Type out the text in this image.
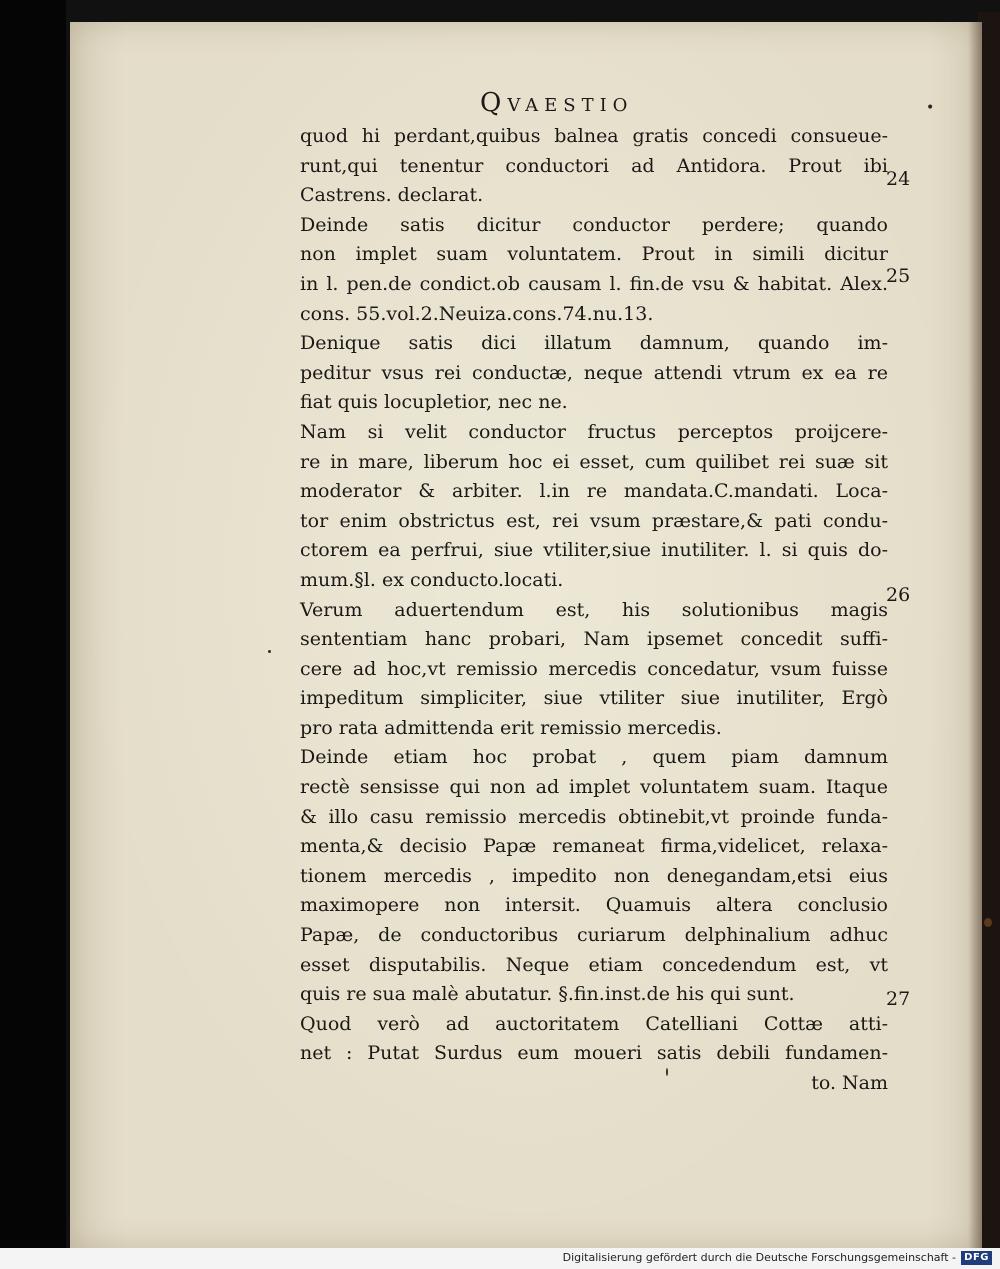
Qvaestio	•
quod hi perdant,quibus balnea gratis concedi consueue-
runt,qui tenentur conductori ad Antidora. Prout ibi
Castrens. declarat.
Deinde satis dicitur conductor perdere; quando
non implet suam voluntatem. Prout in simili dicitur
in l. pen.de condict.ob causam l. fin.de vsu & habitat. Alex.
cons. 55.vol.2.Neuiza.cons.74.nu.13.
Denique satis dici illatum damnum, quando im-
peditur vsus rei conductæ, neque attendi vtrum ex ea re
fiat quis locupletior, nec ne.
Nam si velit conductor fructus perceptos proijcere-
re in mare, liberum hoc ei esset, cum quilibet rei suæ sit
moderator & arbiter. l.in re mandata.C.mandati. Loca-
tor enim obstrictus est, rei vsum præstare,& pati condu-
ctorem ea perfrui, siue vtiliter,siue inutiliter. l. si quis do-
mum.§l. ex conducto.locati.
Verum aduertendum est, his solutionibus magis
sententiam hanc probari, Nam ipsemet concedit suffi-
cere ad hoc,vt remissio mercedis concedatur, vsum fuisse
impeditum simpliciter, siue vtiliter siue inutiliter, Ergò
pro rata admittenda erit remissio mercedis.
Deinde etiam hoc probat , quem piam damnum
rectè sensisse qui non ad implet voluntatem suam. Itaque
& illo casu remissio mercedis obtinebit,vt proinde funda-
menta,& decisio Papæ remaneat firma,videlicet, relaxa-
tionem mercedis , impedito non denegandam,etsi eius
maximopere non intersit. Quamuis altera conclusio
Papæ, de conductoribus curiarum delphinalium adhuc
esset disputabilis. Neque etiam concedendum est, vt
quis re sua malè abutatur. §.fin.inst.de his qui sunt.
Quod verò ad auctoritatem Catelliani Cottæ atti-
net : Putat Surdus eum moueri satis debili fundamen-
to. Nam
24
25
26
27
Digitalisierung gefördert durch die Deutsche Forschungsgemeinschaft - DFG
